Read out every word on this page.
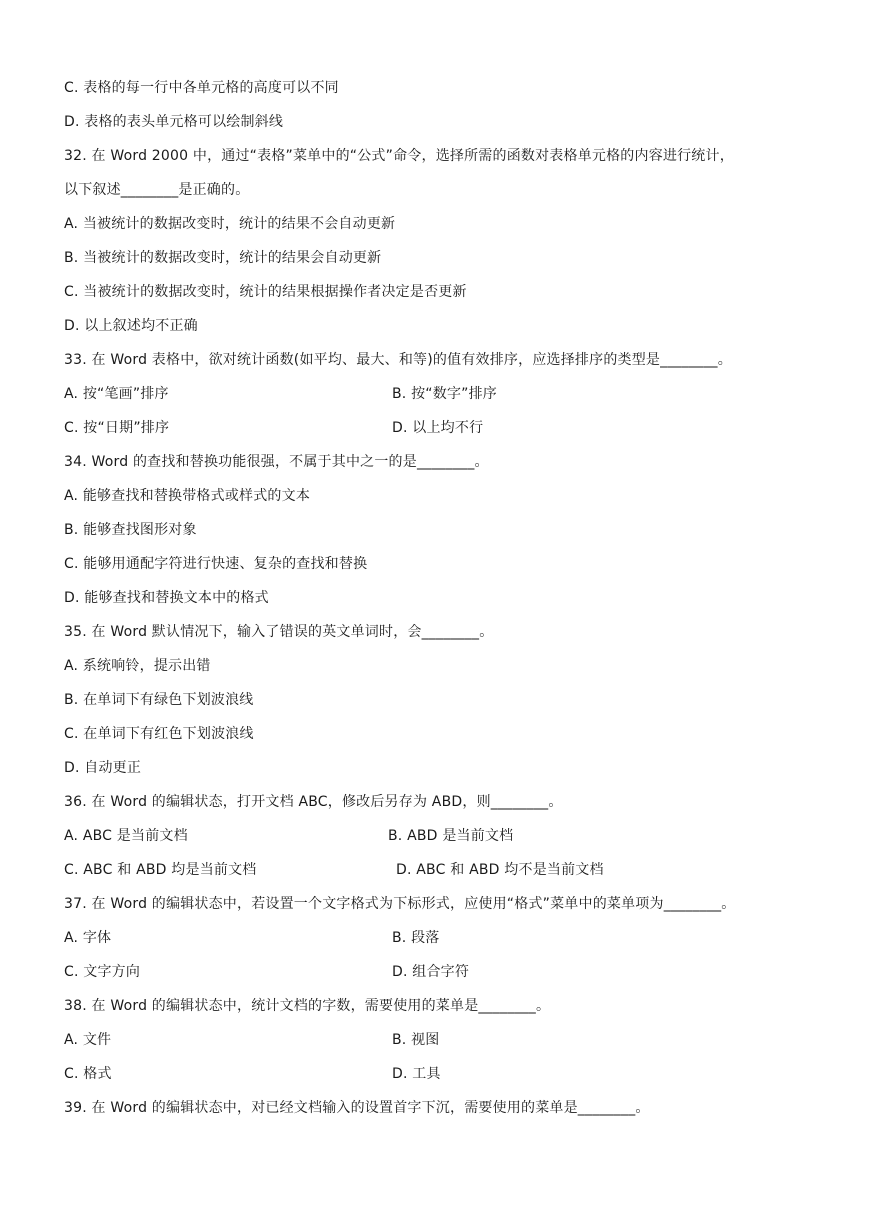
C. 表格的每一行中各单元格的高度可以不同
D. 表格的表头单元格可以绘制斜线
32. 在 Word 2000 中，通过“表格”菜单中的“公式”命令，选择所需的函数对表格单元格的内容进行统计，
以下叙述________是正确的。
A. 当被统计的数据改变时，统计的结果不会自动更新
B. 当被统计的数据改变时，统计的结果会自动更新
C. 当被统计的数据改变时，统计的结果根据操作者决定是否更新
D. 以上叙述均不正确
33. 在 Word 表格中，欲对统计函数(如平均、最大、和等)的值有效排序，应选择排序的类型是________。
A. 按“笔画”排序	B. 按“数字”排序
C. 按“日期”排序	D. 以上均不行
34. Word 的查找和替换功能很强，不属于其中之一的是________。
A. 能够查找和替换带格式或样式的文本
B. 能够查找图形对象
C. 能够用通配字符进行快速、复杂的查找和替换
D. 能够查找和替换文本中的格式
35. 在 Word 默认情况下，输入了错误的英文单词时，会________。
A. 系统响铃，提示出错
B. 在单词下有绿色下划波浪线
C. 在单词下有红色下划波浪线
D. 自动更正
36. 在 Word 的编辑状态，打开文档 ABC，修改后另存为 ABD，则________。
A. ABC 是当前文档	B. ABD 是当前文档
C. ABC 和 ABD 均是当前文档	D. ABC 和 ABD 均不是当前文档
37. 在 Word 的编辑状态中，若设置一个文字格式为下标形式，应使用“格式”菜单中的菜单项为________。
A. 字体	B. 段落
C. 文字方向	D. 组合字符
38. 在 Word 的编辑状态中，统计文档的字数，需要使用的菜单是________。
A. 文件	B. 视图
C. 格式	D. 工具
39. 在 Word 的编辑状态中，对已经文档输入的设置首字下沉，需要使用的菜单是________。
